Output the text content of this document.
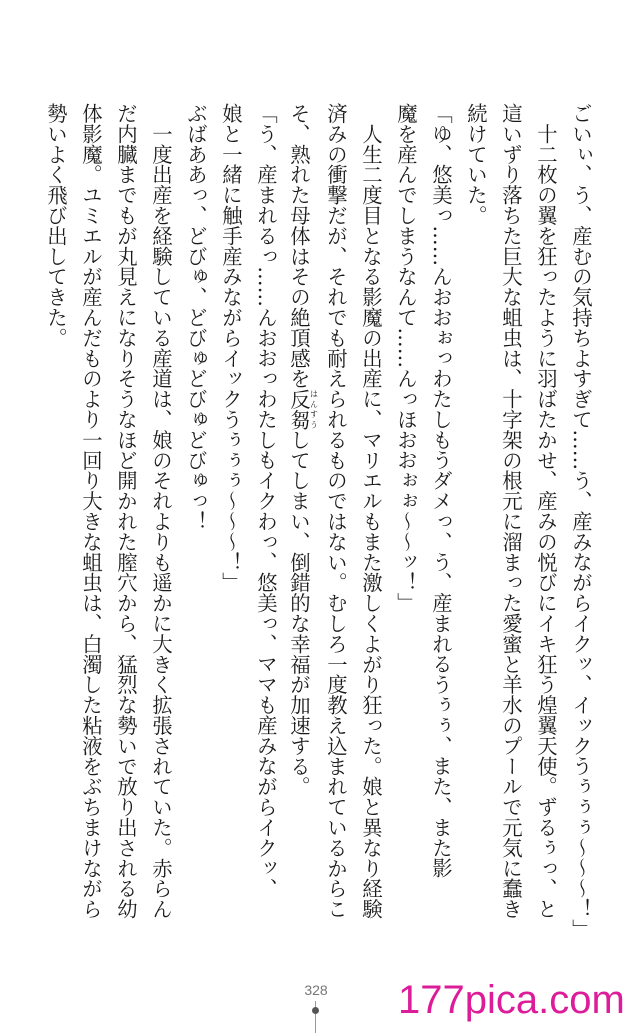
ごいぃ、う、産むの気持ちよすぎて……う、産みながらイクッ、イックうぅぅぅ〜〜〜！」
　十二枚の翼を狂ったように羽ばたかせ、産みの悦びにイキ狂う煌翼天使。ずるぅっ、と
這いずり落ちた巨大な蛆虫は、十字架の根元に溜まった愛蜜と羊水のプールで元気に蠢き
続けていた。
「ゆ、悠美っ……んおおぉっわたしもうダメっ、う、産まれるうぅぅ、また、また影
魔を産んでしまうなんて……んっほおおぉぉ〜〜ッ！」
　人生二度目となる影魔の出産に、マリエルもまた激しくよがり狂った。娘と異なり経験
済みの衝撃だが、それでも耐えられるものではない。むしろ一度教え込まれているからこ
そ、熟れた母体はその絶頂感を反芻はんすうしてしまい、倒錯的な幸福が加速する。
「う、産まれるっ……んおおっわたしもイクわっ、悠美っ、ママも産みながらイクッ、
娘と一緒に触手産みながらイックうぅぅぅ〜〜〜！」
ぶばああっ、どびゅ、どびゅどびゅどびゅっ！
　一度出産を経験している産道は、娘のそれよりも遥かに大きく拡張されていた。赤らん
だ内臓までもが丸見えになりそうなほど開かれた膣穴から、猛烈な勢いで放り出される幼
体影魔。ユミエルが産んだものより一回り大きな蛆虫は、白濁した粘液をぶちまけながら
勢いよく飛び出してきた。
328	177pica.com
